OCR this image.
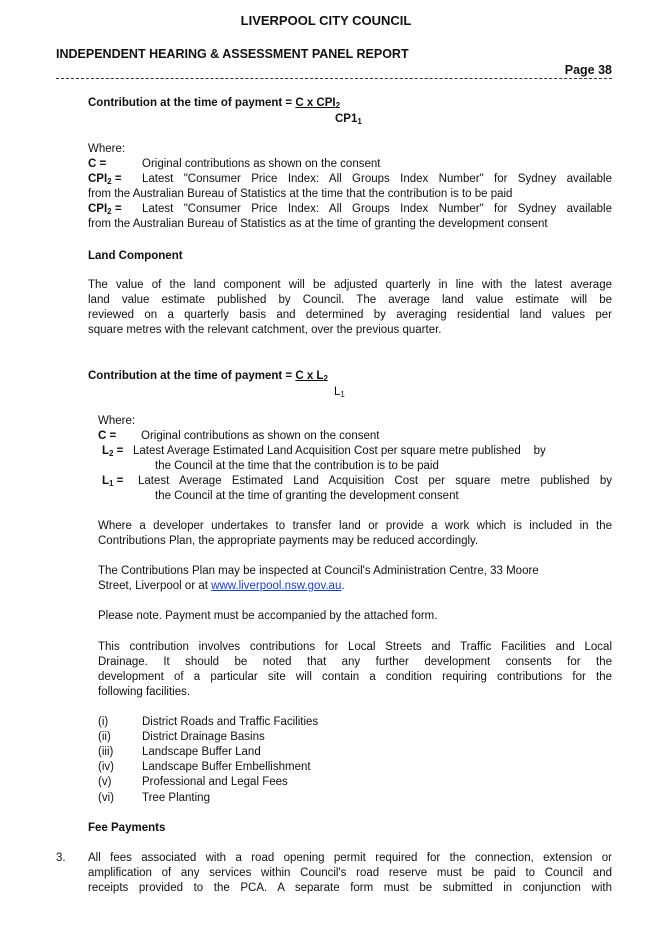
LIVERPOOL CITY COUNCIL
INDEPENDENT HEARING & ASSESSMENT PANEL REPORT
Page 38
Contribution at the time of payment = C x $CPI_2$
$CP1_1$
Where:
C =	Original contributions as shown on the consent
$CPI_2$ = Latest "Consumer Price Index: All Groups Index Number" for Sydney available
from the Australian Bureau of Statistics at the time that the contribution is to be paid
$CPI_2$ = Latest "Consumer Price Index: All Groups Index Number" for Sydney available
from the Australian Bureau of Statistics as at the time of granting the development consent
Land Component
The value of the land component will be adjusted quarterly in line with the latest average
land value estimate published by Council. The average land value estimate will be
reviewed on a quarterly basis and determined by averaging residential land values per
square metres with the relevant catchment, over the previous quarter.
Contribution at the time of payment = C x $L_2$
$L_1$
Where:
C = Original contributions as shown on the consent
$L_2$ = Latest Average Estimated Land Acquisition Cost per square metre published    by
the Council at the time that the contribution is to be paid
$L_1$ = Latest Average Estimated Land Acquisition Cost per square metre published by
the Council at the time of granting the development consent
Where a developer undertakes to transfer land or provide a work which is included in the
Contributions Plan, the appropriate payments may be reduced accordingly.
The Contributions Plan may be inspected at Council's Administration Centre, 33 Moore
Street, Liverpool or at www.liverpool.nsw.gov.au.
Please note. Payment must be accompanied by the attached form.
This contribution involves contributions for Local Streets and Traffic Facilities and Local
Drainage. It should be noted that any further development consents for the
development of a particular site will contain a condition requiring contributions for the
following facilities.
(i)	District Roads and Traffic Facilities
(ii)	District Drainage Basins
(iii) Landscape Buffer Land
(iv) Landscape Buffer Embellishment
(v)	Professional and Legal Fees
(vi) Tree Planting
Fee Payments
3. All fees associated with a road opening permit required for the connection, extension or
amplification of any services within Council's road reserve must be paid to Council and
receipts provided to the PCA. A separate form must be submitted in conjunction with
